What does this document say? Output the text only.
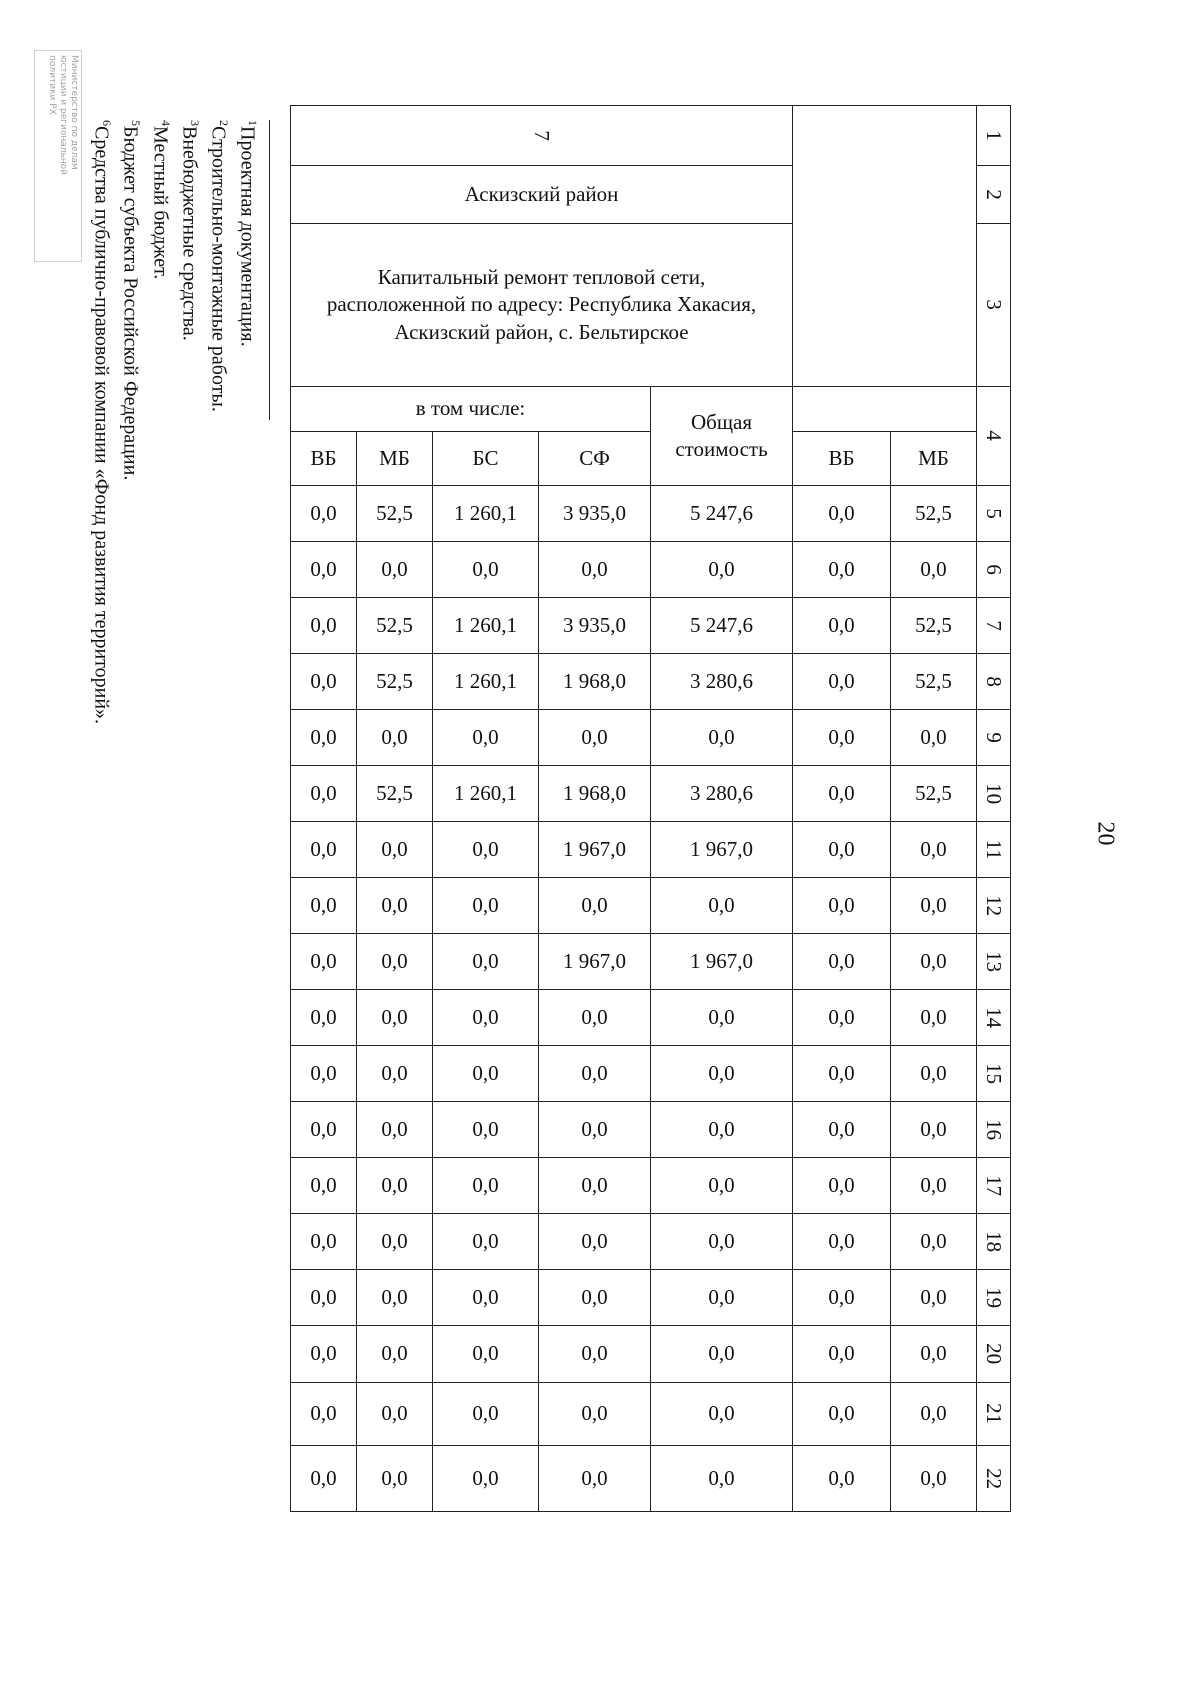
20
7							1
Аскизский район							2

Капитальный ремонт тепловой сети, расположенной по адресу: Республика Хакасия, Аскизский район, с. Бельтирское							3
в том числе:				Общая стоимость			4
ВБ	МБ	БС	СФ		ВБ	МБ	
0,0	52,5	1 260,1	3 935,0	5 247,6	0,0	52,5	5
0,0	0,0	0,0	0,0	0,0	0,0	0,0	6
0,0	52,5	1 260,1	3 935,0	5 247,6	0,0	52,5	7
0,0	52,5	1 260,1	1 968,0	3 280,6	0,0	52,5	8
0,0	0,0	0,0	0,0	0,0	0,0	0,0	9
0,0	52,5	1 260,1	1 968,0	3 280,6	0,0	52,5	10
0,0	0,0	0,0	1 967,0	1 967,0	0,0	0,0	11
0,0	0,0	0,0	0,0	0,0	0,0	0,0	12
0,0	0,0	0,0	1 967,0	1 967,0	0,0	0,0	13
0,0	0,0	0,0	0,0	0,0	0,0	0,0	14
0,0	0,0	0,0	0,0	0,0	0,0	0,0	15
0,0	0,0	0,0	0,0	0,0	0,0	0,0	16
0,0	0,0	0,0	0,0	0,0	0,0	0,0	17
0,0	0,0	0,0	0,0	0,0	0,0	0,0	18
0,0	0,0	0,0	0,0	0,0	0,0	0,0	19
0,0	0,0	0,0	0,0	0,0	0,0	0,0	20
0,0	0,0	0,0	0,0	0,0	0,0	0,0	21
0,0	0,0	0,0	0,0	0,0	0,0	0,0	22
$^1$Проектная документация.
$^2$Строительно-монтажные работы.
$^3$Внебюджетные средства.
$^4$Местный бюджет.
$^5$Бюджет субъекта Российской Федерации.
$^6$Средства публично-правовой компании «Фонд развития территорий».
Министерство по делам
юстиции и региональной
политики РХ
